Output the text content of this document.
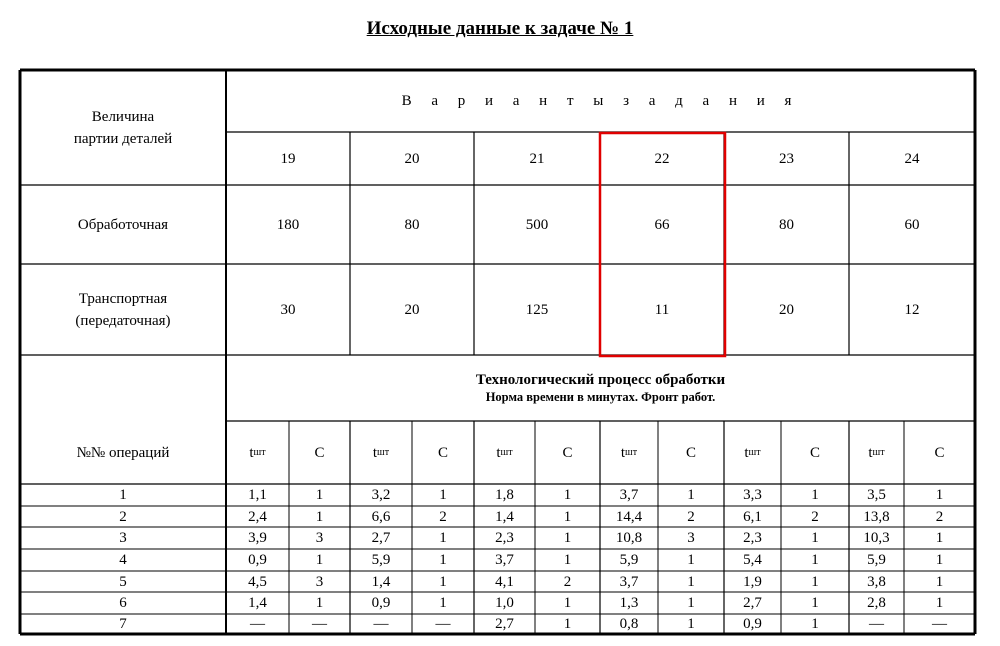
Исходные данные к задаче № 1
Величина
партии деталей
В а р и а н т ы з а д а н и я
19	20	21	22	23	24
Обработочная	180	80	500	66	80	60
Транспортная
(передаточная)
30	20	125	11	20	12
Технологический процесс обработки
Норма времени в минутах. Фронт работ.
№№ операций	t шт	С	t шт	С	t шт	С	t шт	С	t шт	С	t шт	С
1	1,1	1	3,2	1	1,8	1	3,7	1	3,3	1	3,5	1
2	2,4	1	6,6	2	1,4	1	14,4	2	6,1	2	13,8	2
3	3,9	3	2,7	1	2,3	1	10,8	3	2,3	1	10,3	1
4	0,9	1	5,9	1	3,7	1	5,9	1	5,4	1	5,9	1
5	4,5	3	1,4	1	4,1	2	3,7	1	1,9	1	3,8	1
6	1,4	1	0,9	1	1,0	1	1,3	1	2,7	1	2,8	1
7	—	—	—	—	2,7	1	0,8	1	0,9	1	—	—
